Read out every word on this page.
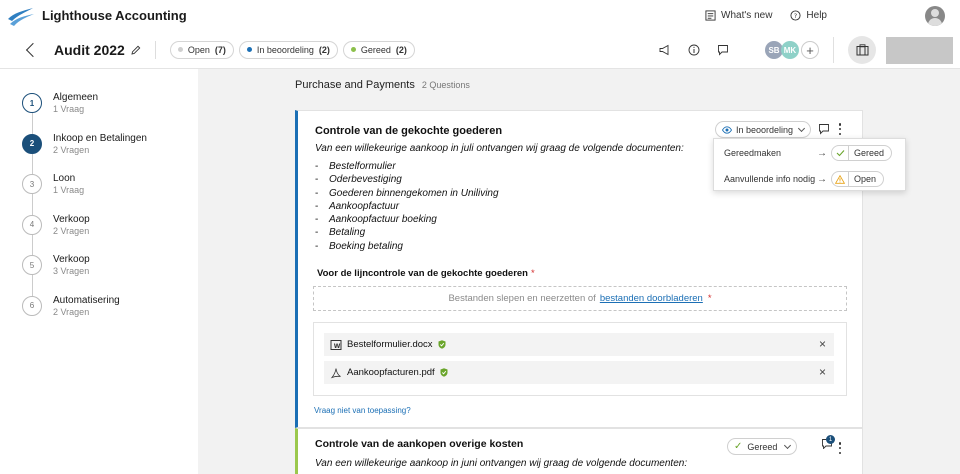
Lighthouse Accounting	What's new	? Help
Audit 2022	Open (7)	In beoordeling (2)	Gereed (2)	SB MK +
1	Algemeen
1 Vraag
2	Inkoop en Betalingen
2 Vragen
3	Loon
1 Vraag
4	Verkoop
2 Vragen
5	Verkoop
3 Vragen
6	Automatisering
2 Vragen
Purchase and Payments 2 Questions
Controle van de gekochte goederen
Van een willekeurige aankoop in juli ontvangen wij graag de volgende documenten:
-	Bestelformulier
-	Oderbevestiging
-	Goederen binnengekomen in Uniliving
-	Aankoopfactuur
-	Aankoopfactuur boeking
-	Betaling
-	Boeking betaling
Voor de lijncontrole van de gekochte goederen *
Bestanden slepen en neerzetten of bestanden doorbladeren *
W Bestelformulier.docx	×
Aankoopfacturen.pdf	×
Vraag niet van toepassing?
In beoordeling
Controle van de aankopen overige kosten
Van een willekeurige aankoop in juni ontvangen wij graag de volgende documenten:
✓ Gereed
1
Gereedmaken	→	Gereed
Aanvullende info nodig →	Open
